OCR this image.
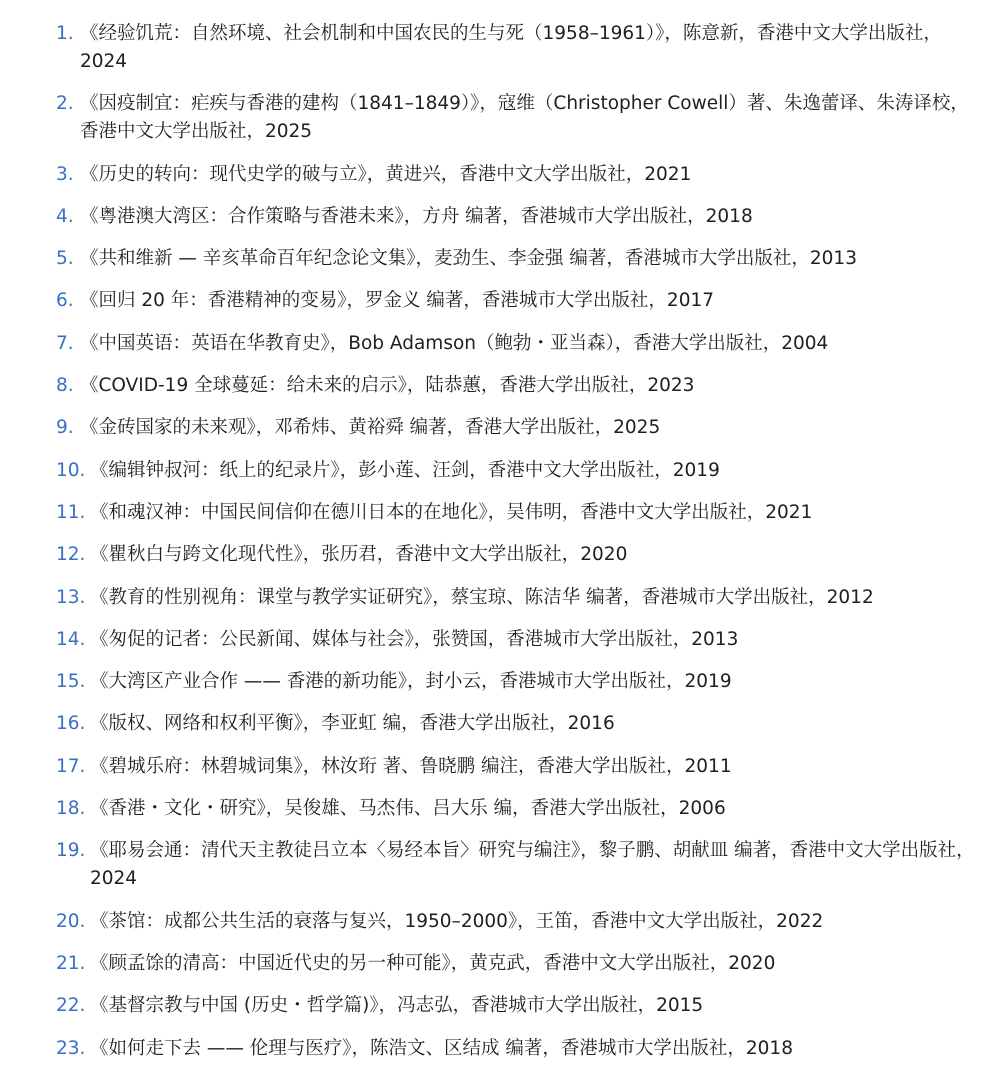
1. 《经验饥荒：自然环境、社会机制和中国农民的生与死（1958–1961）》，陈意新，香港中文大学出版社，2024
2. 《因疫制宜：疟疾与香港的建构（1841–1849）》，寇维（Christopher Cowell）著、朱逸蕾译、朱涛译校，香港中文大学出版社，2025
3. 《历史的转向：现代史学的破与立》，黄进兴，香港中文大学出版社，2021
4. 《粤港澳大湾区：合作策略与香港未来》，方舟 编著，香港城市大学出版社，2018
5. 《共和维新 — 辛亥革命百年纪念论文集》，麦劲生、李金强 编著，香港城市大学出版社，2013
6. 《回归 20 年：香港精神的变易》，罗金义 编著，香港城市大学出版社，2017
7. 《中国英语：英语在华教育史》，Bob Adamson（鲍勃・亚当森），香港大学出版社，2004
8. 《COVID-19 全球蔓延：给未来的启示》，陆恭蕙，香港大学出版社，2023
9. 《金砖国家的未来观》，邓希炜、黄裕舜 编著，香港大学出版社，2025
10. 《编辑钟叔河：纸上的纪录片》，彭小莲、汪剑，香港中文大学出版社，2019
11. 《和魂汉神：中国民间信仰在德川日本的在地化》，吴伟明，香港中文大学出版社，2021
12. 《瞿秋白与跨文化现代性》，张历君，香港中文大学出版社，2020
13. 《教育的性别视角：课堂与教学实证研究》，蔡宝琼、陈洁华 编著，香港城市大学出版社，2012
14. 《匆促的记者：公民新闻、媒体与社会》，张赞国，香港城市大学出版社，2013
15. 《大湾区产业合作 —— 香港的新功能》，封小云，香港城市大学出版社，2019
16. 《版权、网络和权利平衡》，李亚虹 编，香港大学出版社，2016
17. 《碧城乐府：林碧城词集》，林汝珩 著、鲁晓鹏 编注，香港大学出版社，2011
18. 《香港・文化・研究》，吴俊雄、马杰伟、吕大乐 编，香港大学出版社，2006
19. 《耶易会通：清代天主教徒吕立本〈易经本旨〉研究与编注》，黎子鹏、胡献皿 编著，香港中文大学出版社，2024
20. 《茶馆：成都公共生活的衰落与复兴，1950–2000》，王笛，香港中文大学出版社，2022
21. 《顾孟馀的清高：中国近代史的另一种可能》，黄克武，香港中文大学出版社，2020
22. 《基督宗教与中国 (历史・哲学篇)》，冯志弘，香港城市大学出版社，2015
23. 《如何走下去 —— 伦理与医疗》，陈浩文、区结成 编著，香港城市大学出版社，2018
